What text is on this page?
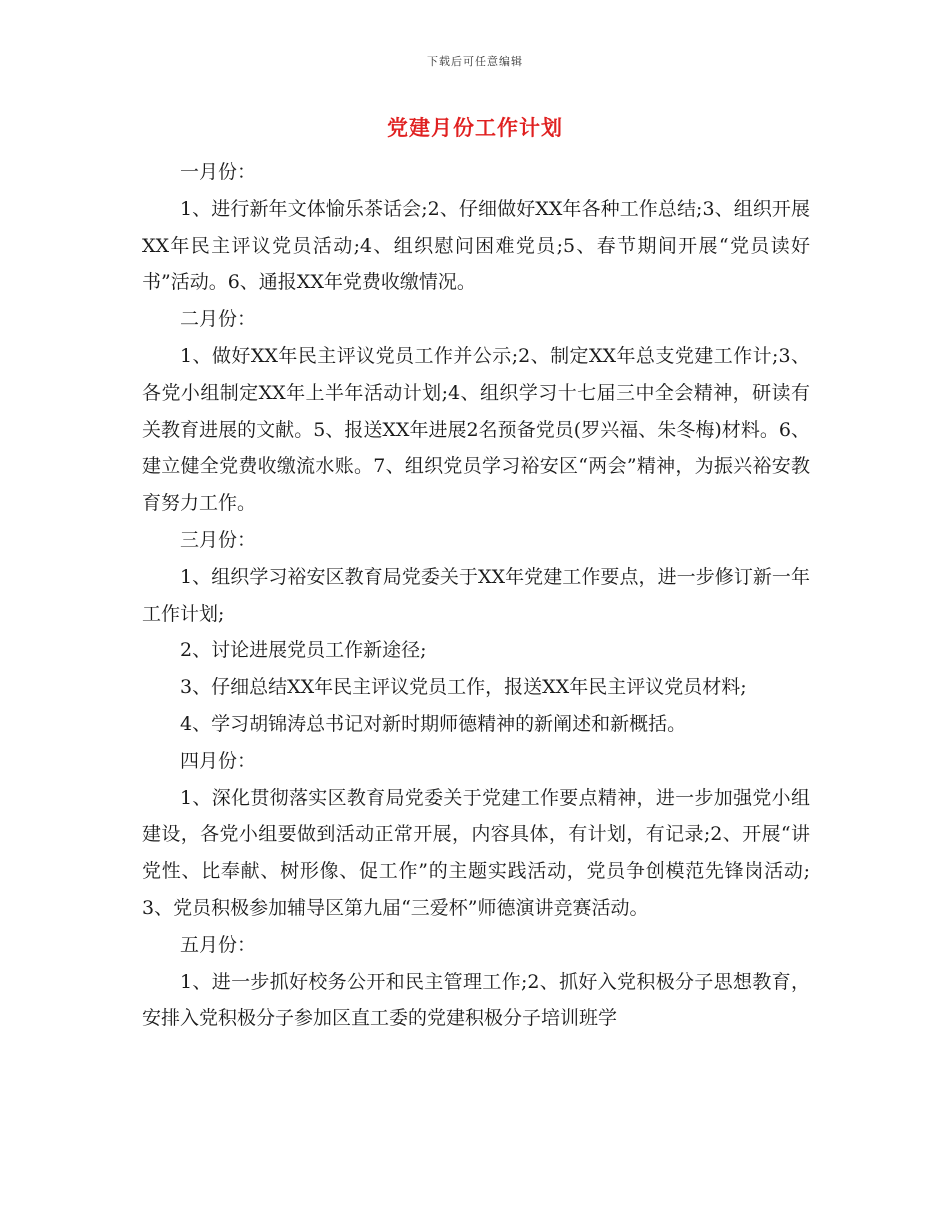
下载后可任意编辑
党建月份工作计划

一月份：

1、进行新年文体愉乐茶话会;2、仔细做好XX年各种工作总结;3、组织开展XX年民主评议党员活动;4、组织慰问困难党员;5、春节期间开展“党员读好书”活动。6、通报XX年党费收缴情况。

二月份：

1、做好XX年民主评议党员工作并公示;2、制定XX年总支党建工作计;3、各党小组制定XX年上半年活动计划;4、组织学习十七届三中全会精神，研读有关教育进展的文献。5、报送XX年进展2名预备党员(罗兴福、朱冬梅)材料。6、建立健全党费收缴流水账。7、组织党员学习裕安区“两会”精神，为振兴裕安教育努力工作。

三月份：

1、组织学习裕安区教育局党委关于XX年党建工作要点，进一步修订新一年工作计划;

2、讨论进展党员工作新途径;

3、仔细总结XX年民主评议党员工作，报送XX年民主评议党员材料;

4、学习胡锦涛总书记对新时期师德精神的新阐述和新概括。

四月份：

1、深化贯彻落实区教育局党委关于党建工作要点精神，进一步加强党小组建设，各党小组要做到活动正常开展，内容具体，有计划，有记录;2、开展“讲党性、比奉献、树形像、促工作”的主题实践活动，党员争创模范先锋岗活动;3、党员积极参加辅导区第九届“三爱杯”师德演讲竞赛活动。

五月份：

1、进一步抓好校务公开和民主管理工作;2、抓好入党积极分子思想教育，安排入党积极分子参加区直工委的党建积极分子培训班学
